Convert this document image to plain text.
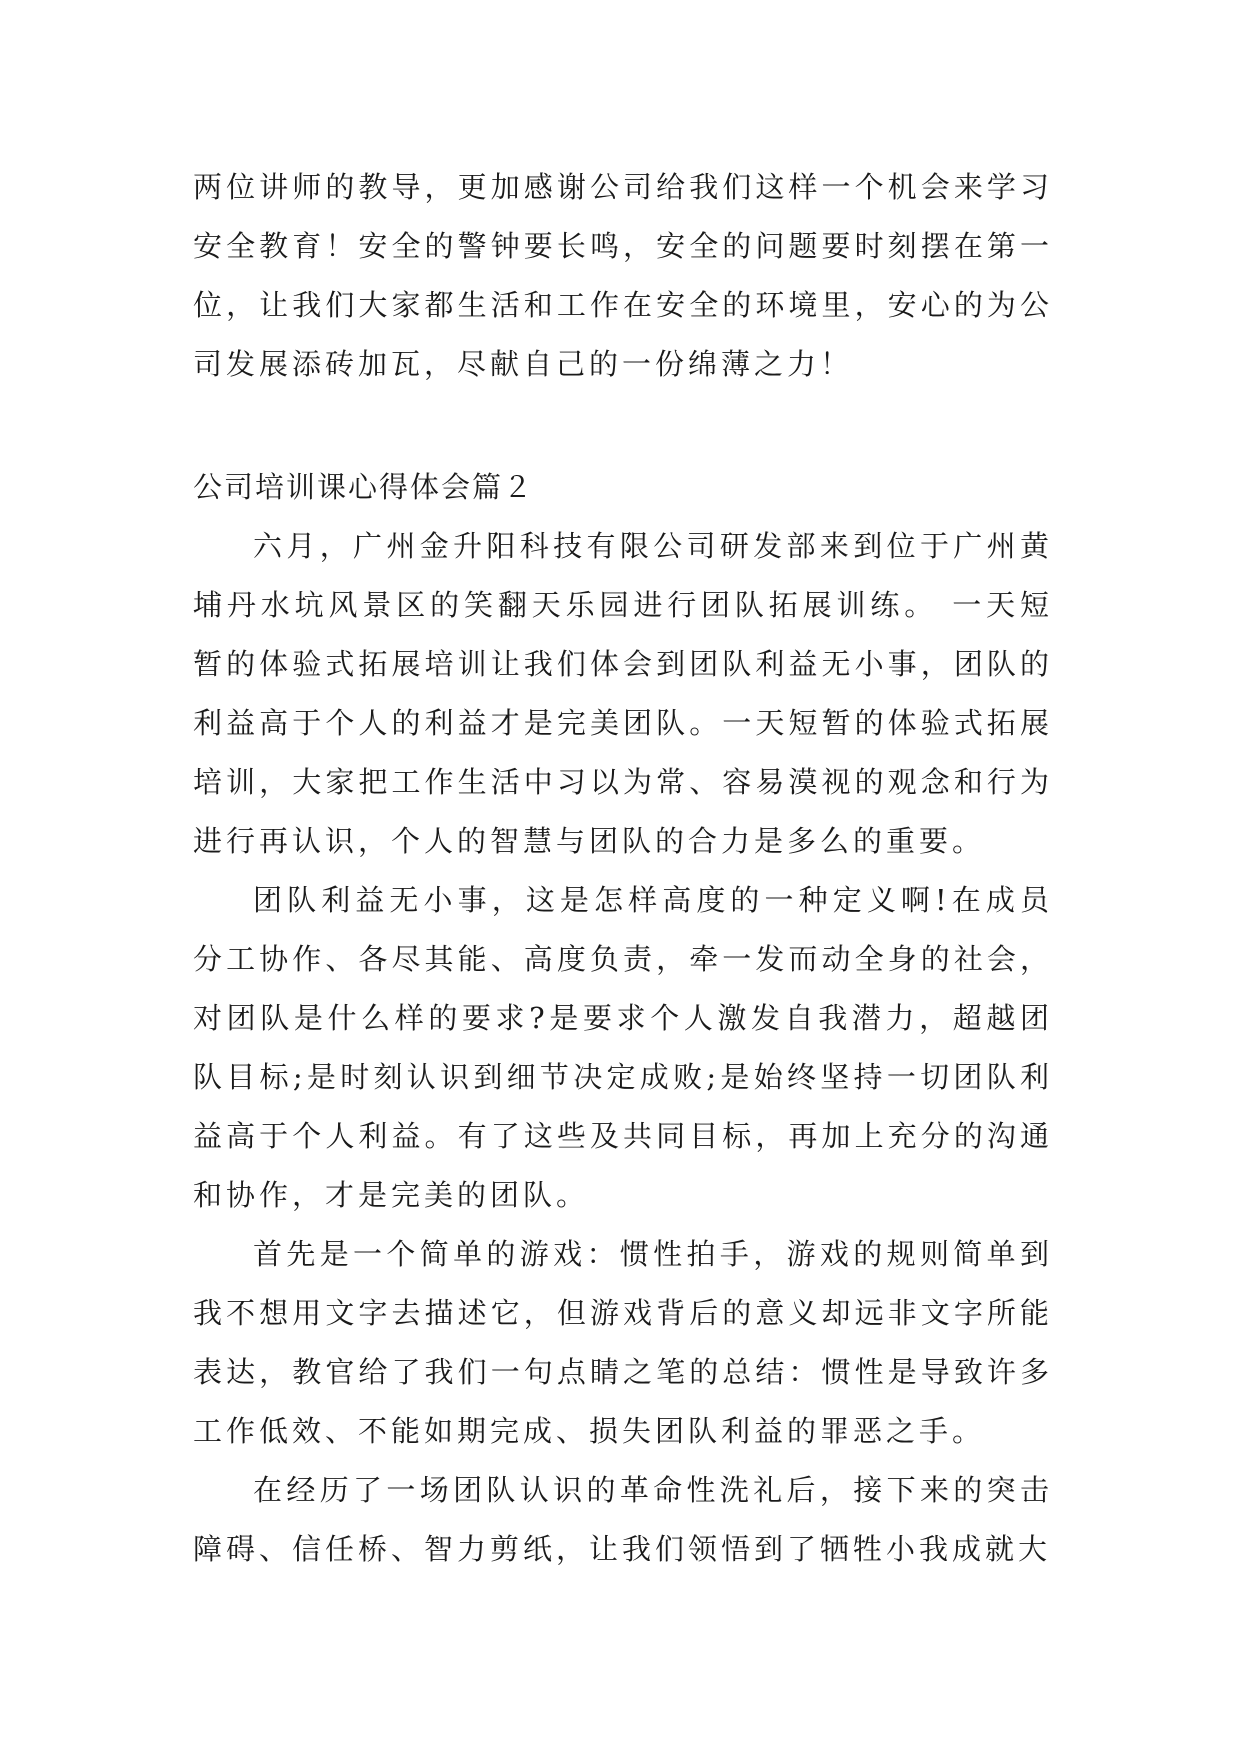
两位讲师的教导，更加感谢公司给我们这样一个机会来学习安全教育！安全的警钟要长鸣，安全的问题要时刻摆在第一位，让我们大家都生活和工作在安全的环境里，安心的为公司发展添砖加瓦，尽献自己的一份绵薄之力！

公司培训课心得体会篇２

六月，广州金升阳科技有限公司研发部来到位于广州黄埔丹水坑风景区的笑翻天乐园进行团队拓展训练。 一天短暂的体验式拓展培训让我们体会到团队利益无小事，团队的利益高于个人的利益才是完美团队。一天短暂的体验式拓展培训，大家把工作生活中习以为常、容易漠视的观念和行为进行再认识，个人的智慧与团队的合力是多么的重要。

团队利益无小事，这是怎样高度的一种定义啊!在成员分工协作、各尽其能、高度负责，牵一发而动全身的社会，对团队是什么样的要求?是要求个人激发自我潜力，超越团队目标;是时刻认识到细节决定成败;是始终坚持一切团队利益高于个人利益。有了这些及共同目标，再加上充分的沟通和协作，才是完美的团队。

首先是一个简单的游戏：惯性拍手，游戏的规则简单到我不想用文字去描述它，但游戏背后的意义却远非文字所能表达，教官给了我们一句点睛之笔的总结：惯性是导致许多工作低效、不能如期完成、损失团队利益的罪恶之手。

在经历了一场团队认识的革命性洗礼后，接下来的突击障碍、信任桥、智力剪纸，让我们领悟到了牺牲小我成就大
